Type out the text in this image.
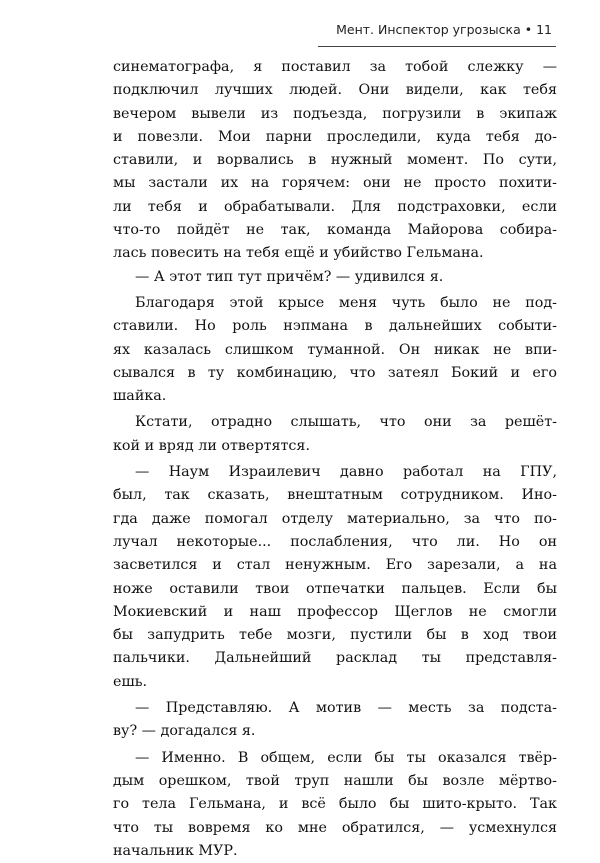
Мент. Инспектор угрозыска • 11
синематографа, я поставил за тобой слежку —
подключил лучших людей. Они видели, как тебя
вечером вывели из подъезда, погрузили в экипаж
и повезли. Мои парни проследили, куда тебя до-
ставили, и ворвались в нужный момент. По сути,
мы застали их на горячем: они не просто похити-
ли тебя и обрабатывали. Для подстраховки, если
что-то пойдёт не так, команда Майорова собира-
лась повесить на тебя ещё и убийство Гельмана.
— А этот тип тут причём? — удивился я.
Благодаря этой крысе меня чуть было не под-
ставили. Но роль нэпмана в дальнейших событи-
ях казалась слишком туманной. Он никак не впи-
сывался в ту комбинацию, что затеял Бокий и его
шайка.
Кстати, отрадно слышать, что они за решёт-
кой и вряд ли отвертятся.
— Наум Израилевич давно работал на ГПУ,
был, так сказать, внештатным сотрудником. Ино-
гда даже помогал отделу материально, за что по-
лучал некоторые... послабления, что ли. Но он
засветился и стал ненужным. Его зарезали, а на
ноже оставили твои отпечатки пальцев. Если бы
Мокиевский и наш профессор Щеглов не смогли
бы запудрить тебе мозги, пустили бы в ход твои
пальчики. Дальнейший расклад ты представля-
ешь.
— Представляю. А мотив — месть за подста-
ву? — догадался я.
— Именно. В общем, если бы ты оказался твёр-
дым орешком, твой труп нашли бы возле мёртво-
го тела Гельмана, и всё было бы шито-крыто. Так
что ты вовремя ко мне обратился, — усмехнулся
начальник МУР.
